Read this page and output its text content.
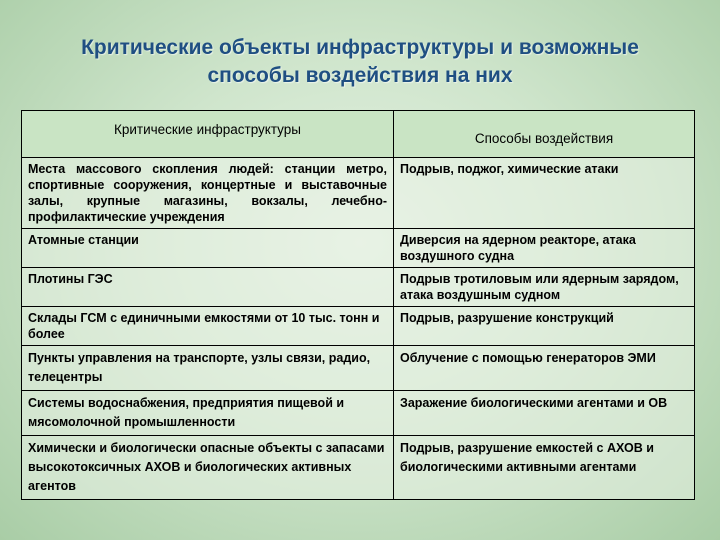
Критические объекты инфраструктуры и возможные
способы воздействия на них
Критические инфраструктуры	Способы воздействия
Места массового скопления людей: станции метро, спортивные сооружения, концертные и выставочные залы, крупные магазины, вокзалы, лечебно-профилактические учреждения	Подрыв, поджог, химические атаки
Атомные станции	Диверсия на ядерном реакторе, атака воздушного судна
Плотины ГЭС	Подрыв тротиловым или ядерным зарядом, атака воздушным судном
Склады ГСМ с единичными емкостями от 10 тыс. тонн и более	Подрыв, разрушение конструкций
Пункты управления на транспорте, узлы связи, радио, телецентры	Облучение с помощью генераторов ЭМИ
Системы водоснабжения, предприятия пищевой и мясомолочной промышленности	Заражение биологическими агентами и ОВ
Химически и биологически опасные объекты с запасами высокотоксичных АХОВ и биологических активных агентов	Подрыв, разрушение емкостей с АХОВ и биологическими активными агентами
